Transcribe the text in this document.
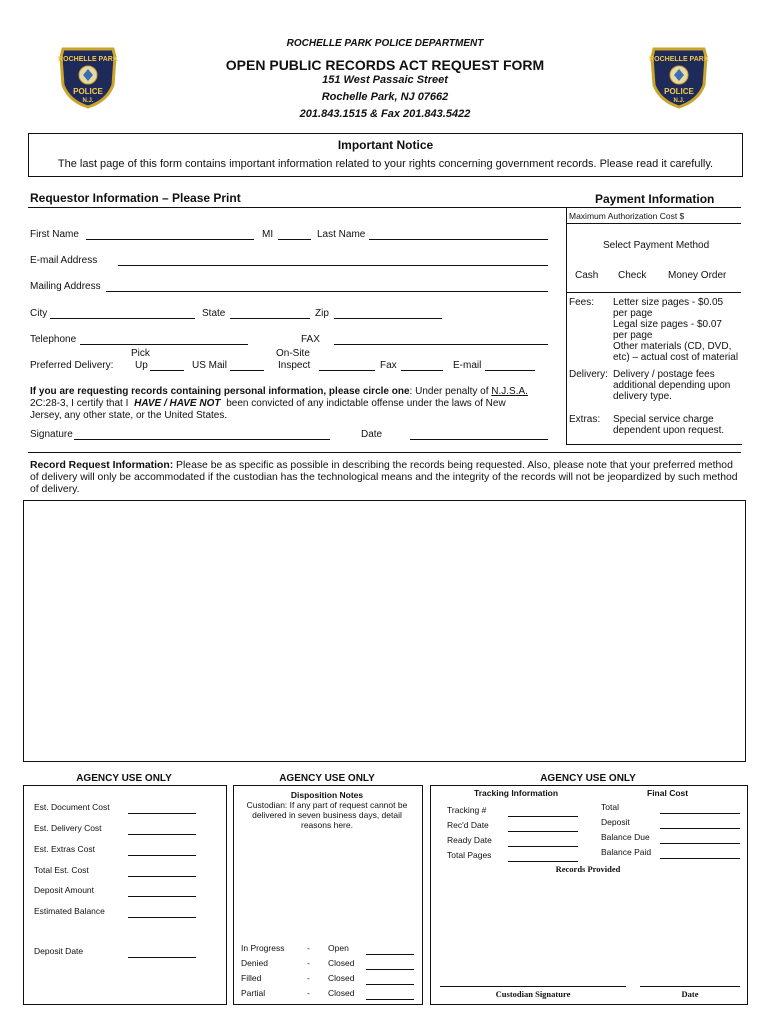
ROCHELLE PARK
POLICE
N.J.
ROCHELLE PARK
POLICE
N.J.
ROCHELLE PARK POLICE DEPARTMENT
OPEN PUBLIC RECORDS ACT REQUEST FORM
151 West Passaic Street
Rochelle Park, NJ 07662
201.843.1515 & Fax 201.843.5422
Important Notice
The last page of this form contains important information related to your rights concerning government records. Please read it carefully.
Requestor Information – Please Print
First Name	MI	Last Name
E-mail Address
Mailing Address
City	State	Zip
Telephone	FAX
Preferred Delivery:
Pick
Up	US Mail
On-Site
Inspect	Fax	E-mail
If you are requesting records containing personal information, please circle one: Under penalty of N.J.S.A.
2C:28-3, I certify that I HAVE / HAVE NOT been convicted of any indictable offense under the laws of New
Jersey, any other state, or the United States.
Signature	Date
Payment Information
Maximum Authorization Cost $
Select Payment Method
Cash Check Money Order
Fees: Letter size pages - $0.05
per page
Legal size pages - $0.07
per page
Other materials (CD, DVD,
etc) – actual cost of material
Delivery: Delivery / postage fees
additional depending upon
delivery type.
Extras: Special service charge
dependent upon request.
Record Request Information: Please be as specific as possible in describing the records being requested. Also, please note that your preferred method of delivery will only be accommodated if the custodian has the technological means and the integrity of the records will not be jeopardized by such method of delivery.
AGENCY USE ONLY
Est. Document Cost
Est. Delivery Cost
Est. Extras Cost
Total Est. Cost
Deposit Amount
Estimated Balance
Deposit Date
AGENCY USE ONLY
Disposition Notes
Custodian: If any part of request cannot be delivered in seven business days, detail reasons here.
In Progress	- Open
Denied	- Closed
Filled	- Closed
Partial	- Closed
AGENCY USE ONLY
Tracking Information	Final Cost
Tracking #
Rec'd Date
Ready Date
Total Pages
Total
Deposit
Balance Due
Balance Paid
Records Provided
Custodian Signature	Date
